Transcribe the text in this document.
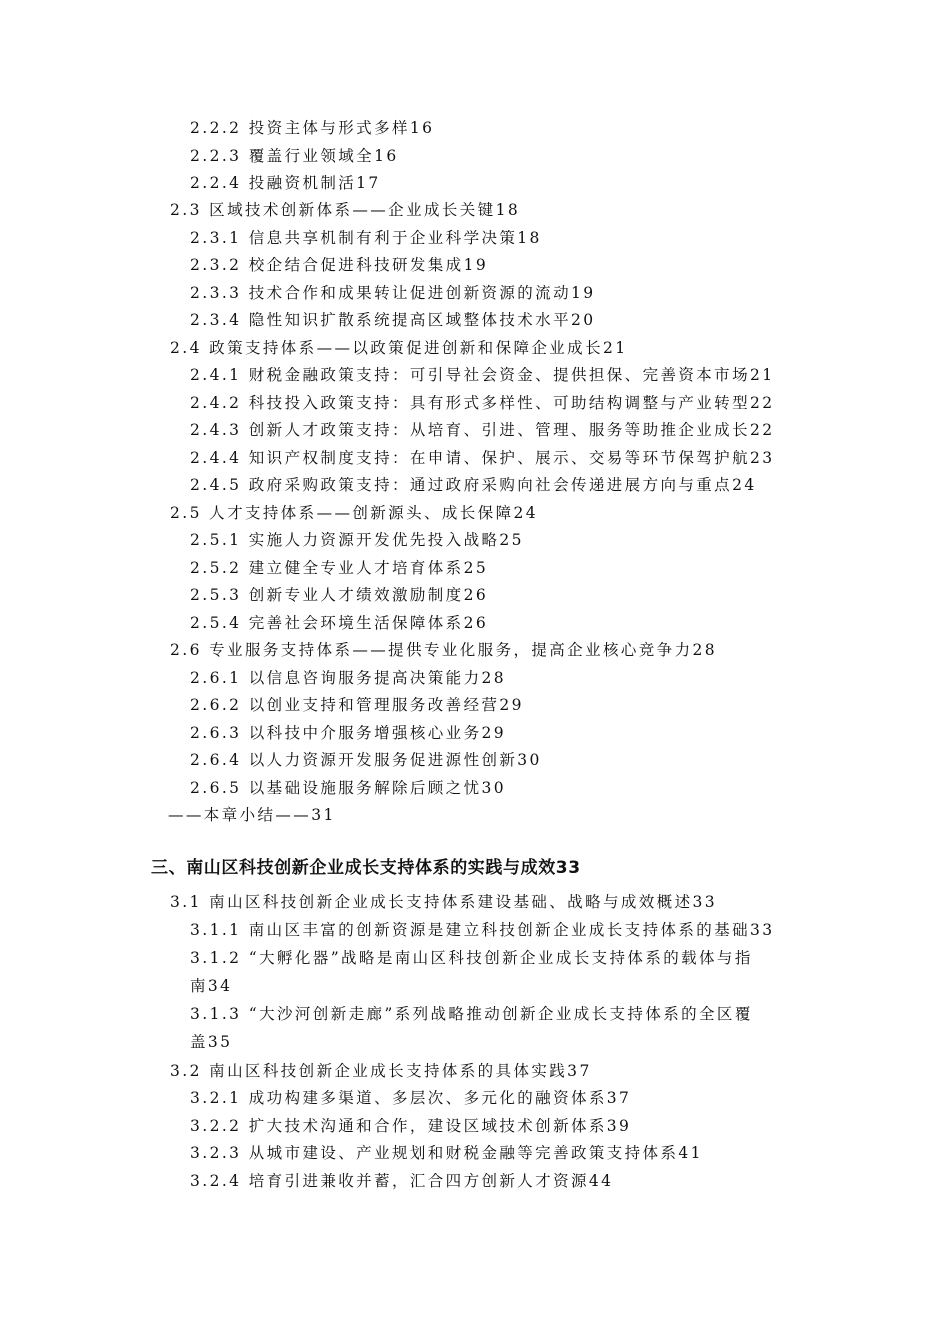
2.2.2 投资主体与形式多样16
2.2.3 覆盖行业领域全16
2.2.4 投融资机制活17
2.3 区域技术创新体系——企业成长关键18
2.3.1 信息共享机制有利于企业科学决策18
2.3.2 校企结合促进科技研发集成19
2.3.3 技术合作和成果转让促进创新资源的流动19
2.3.4 隐性知识扩散系统提高区域整体技术水平20
2.4 政策支持体系——以政策促进创新和保障企业成长21
2.4.1 财税金融政策支持：可引导社会资金、提供担保、完善资本市场21
2.4.2 科技投入政策支持：具有形式多样性、可助结构调整与产业转型22
2.4.3 创新人才政策支持：从培育、引进、管理、服务等助推企业成长22
2.4.4 知识产权制度支持：在申请、保护、展示、交易等环节保驾护航23
2.4.5 政府采购政策支持：通过政府采购向社会传递进展方向与重点24
2.5 人才支持体系——创新源头、成长保障24
2.5.1 实施人力资源开发优先投入战略25
2.5.2 建立健全专业人才培育体系25
2.5.3 创新专业人才绩效激励制度26
2.5.4 完善社会环境生活保障体系26
2.6 专业服务支持体系——提供专业化服务，提高企业核心竞争力28
2.6.1 以信息咨询服务提高决策能力28
2.6.2 以创业支持和管理服务改善经营29
2.6.3 以科技中介服务增强核心业务29
2.6.4 以人力资源开发服务促进源性创新30
2.6.5 以基础设施服务解除后顾之忧30
——本章小结——31
三、南山区科技创新企业成长支持体系的实践与成效33
3.1 南山区科技创新企业成长支持体系建设基础、战略与成效概述33
3.1.1 南山区丰富的创新资源是建立科技创新企业成长支持体系的基础33
3.1.2 “大孵化器”战略是南山区科技创新企业成长支持体系的载体与指
南34
3.1.3 “大沙河创新走廊”系列战略推动创新企业成长支持体系的全区覆
盖35
3.2 南山区科技创新企业成长支持体系的具体实践37
3.2.1 成功构建多渠道、多层次、多元化的融资体系37
3.2.2 扩大技术沟通和合作，建设区域技术创新体系39
3.2.3 从城市建设、产业规划和财税金融等完善政策支持体系41
3.2.4 培育引进兼收并蓄，汇合四方创新人才资源44
